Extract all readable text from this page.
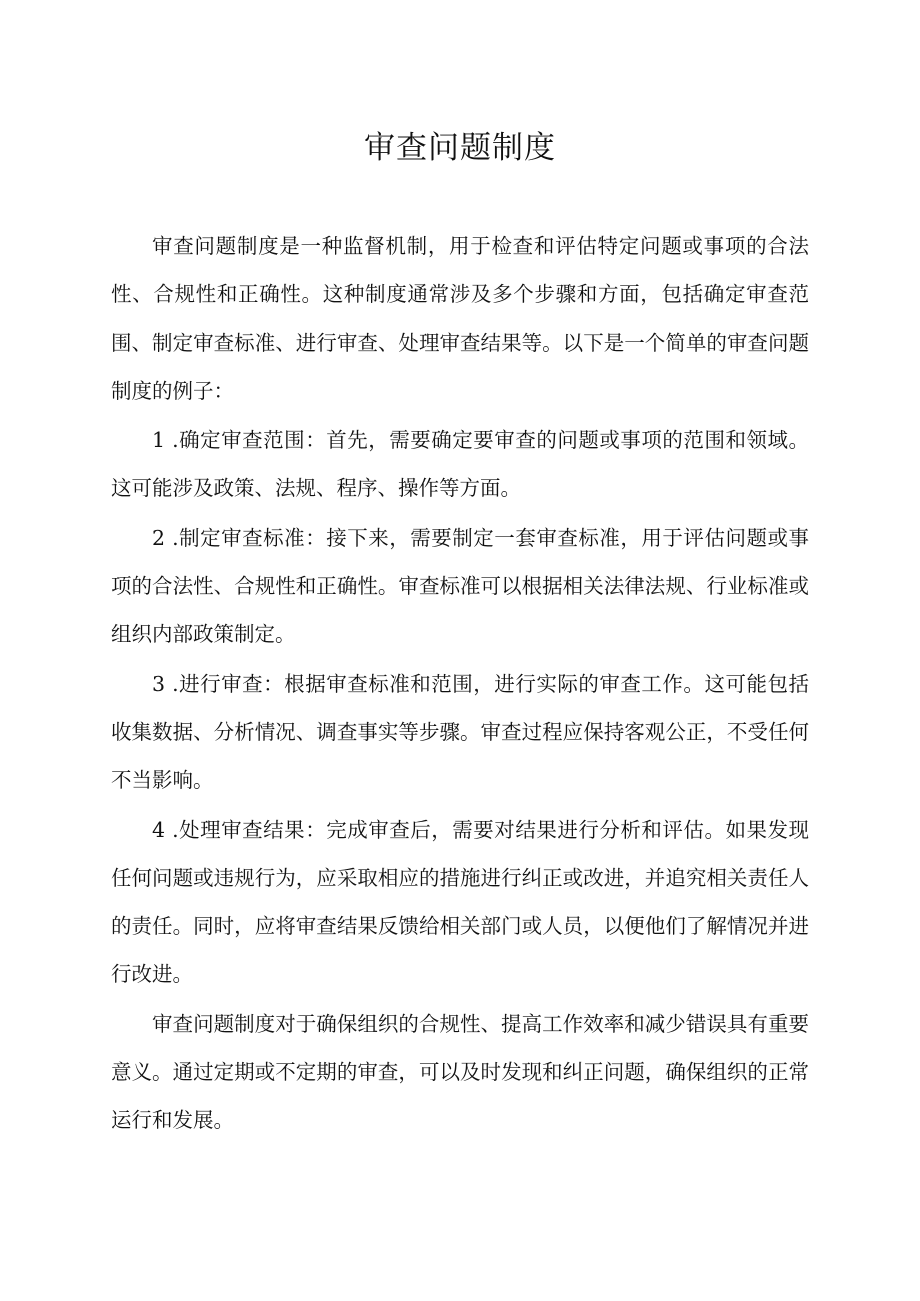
审查问题制度

审查问题制度是一种监督机制，用于检查和评估特定问题或事项的合法性、合规性和正确性。这种制度通常涉及多个步骤和方面，包括确定审查范围、制定审查标准、进行审查、处理审查结果等。以下是一个简单的审查问题制度的例子：

1 .确定审查范围：首先，需要确定要审查的问题或事项的范围和领域。这可能涉及政策、法规、程序、操作等方面。

2 .制定审查标准：接下来，需要制定一套审查标准，用于评估问题或事项的合法性、合规性和正确性。审查标准可以根据相关法律法规、行业标准或组织内部政策制定。

3 .进行审查：根据审查标准和范围，进行实际的审查工作。这可能包括收集数据、分析情况、调查事实等步骤。审查过程应保持客观公正，不受任何不当影响。

4 .处理审查结果：完成审查后，需要对结果进行分析和评估。如果发现任何问题或违规行为，应采取相应的措施进行纠正或改进，并追究相关责任人的责任。同时，应将审查结果反馈给相关部门或人员，以便他们了解情况并进行改进。

审查问题制度对于确保组织的合规性、提高工作效率和减少错误具有重要意义。通过定期或不定期的审查，可以及时发现和纠正问题，确保组织的正常运行和发展。
